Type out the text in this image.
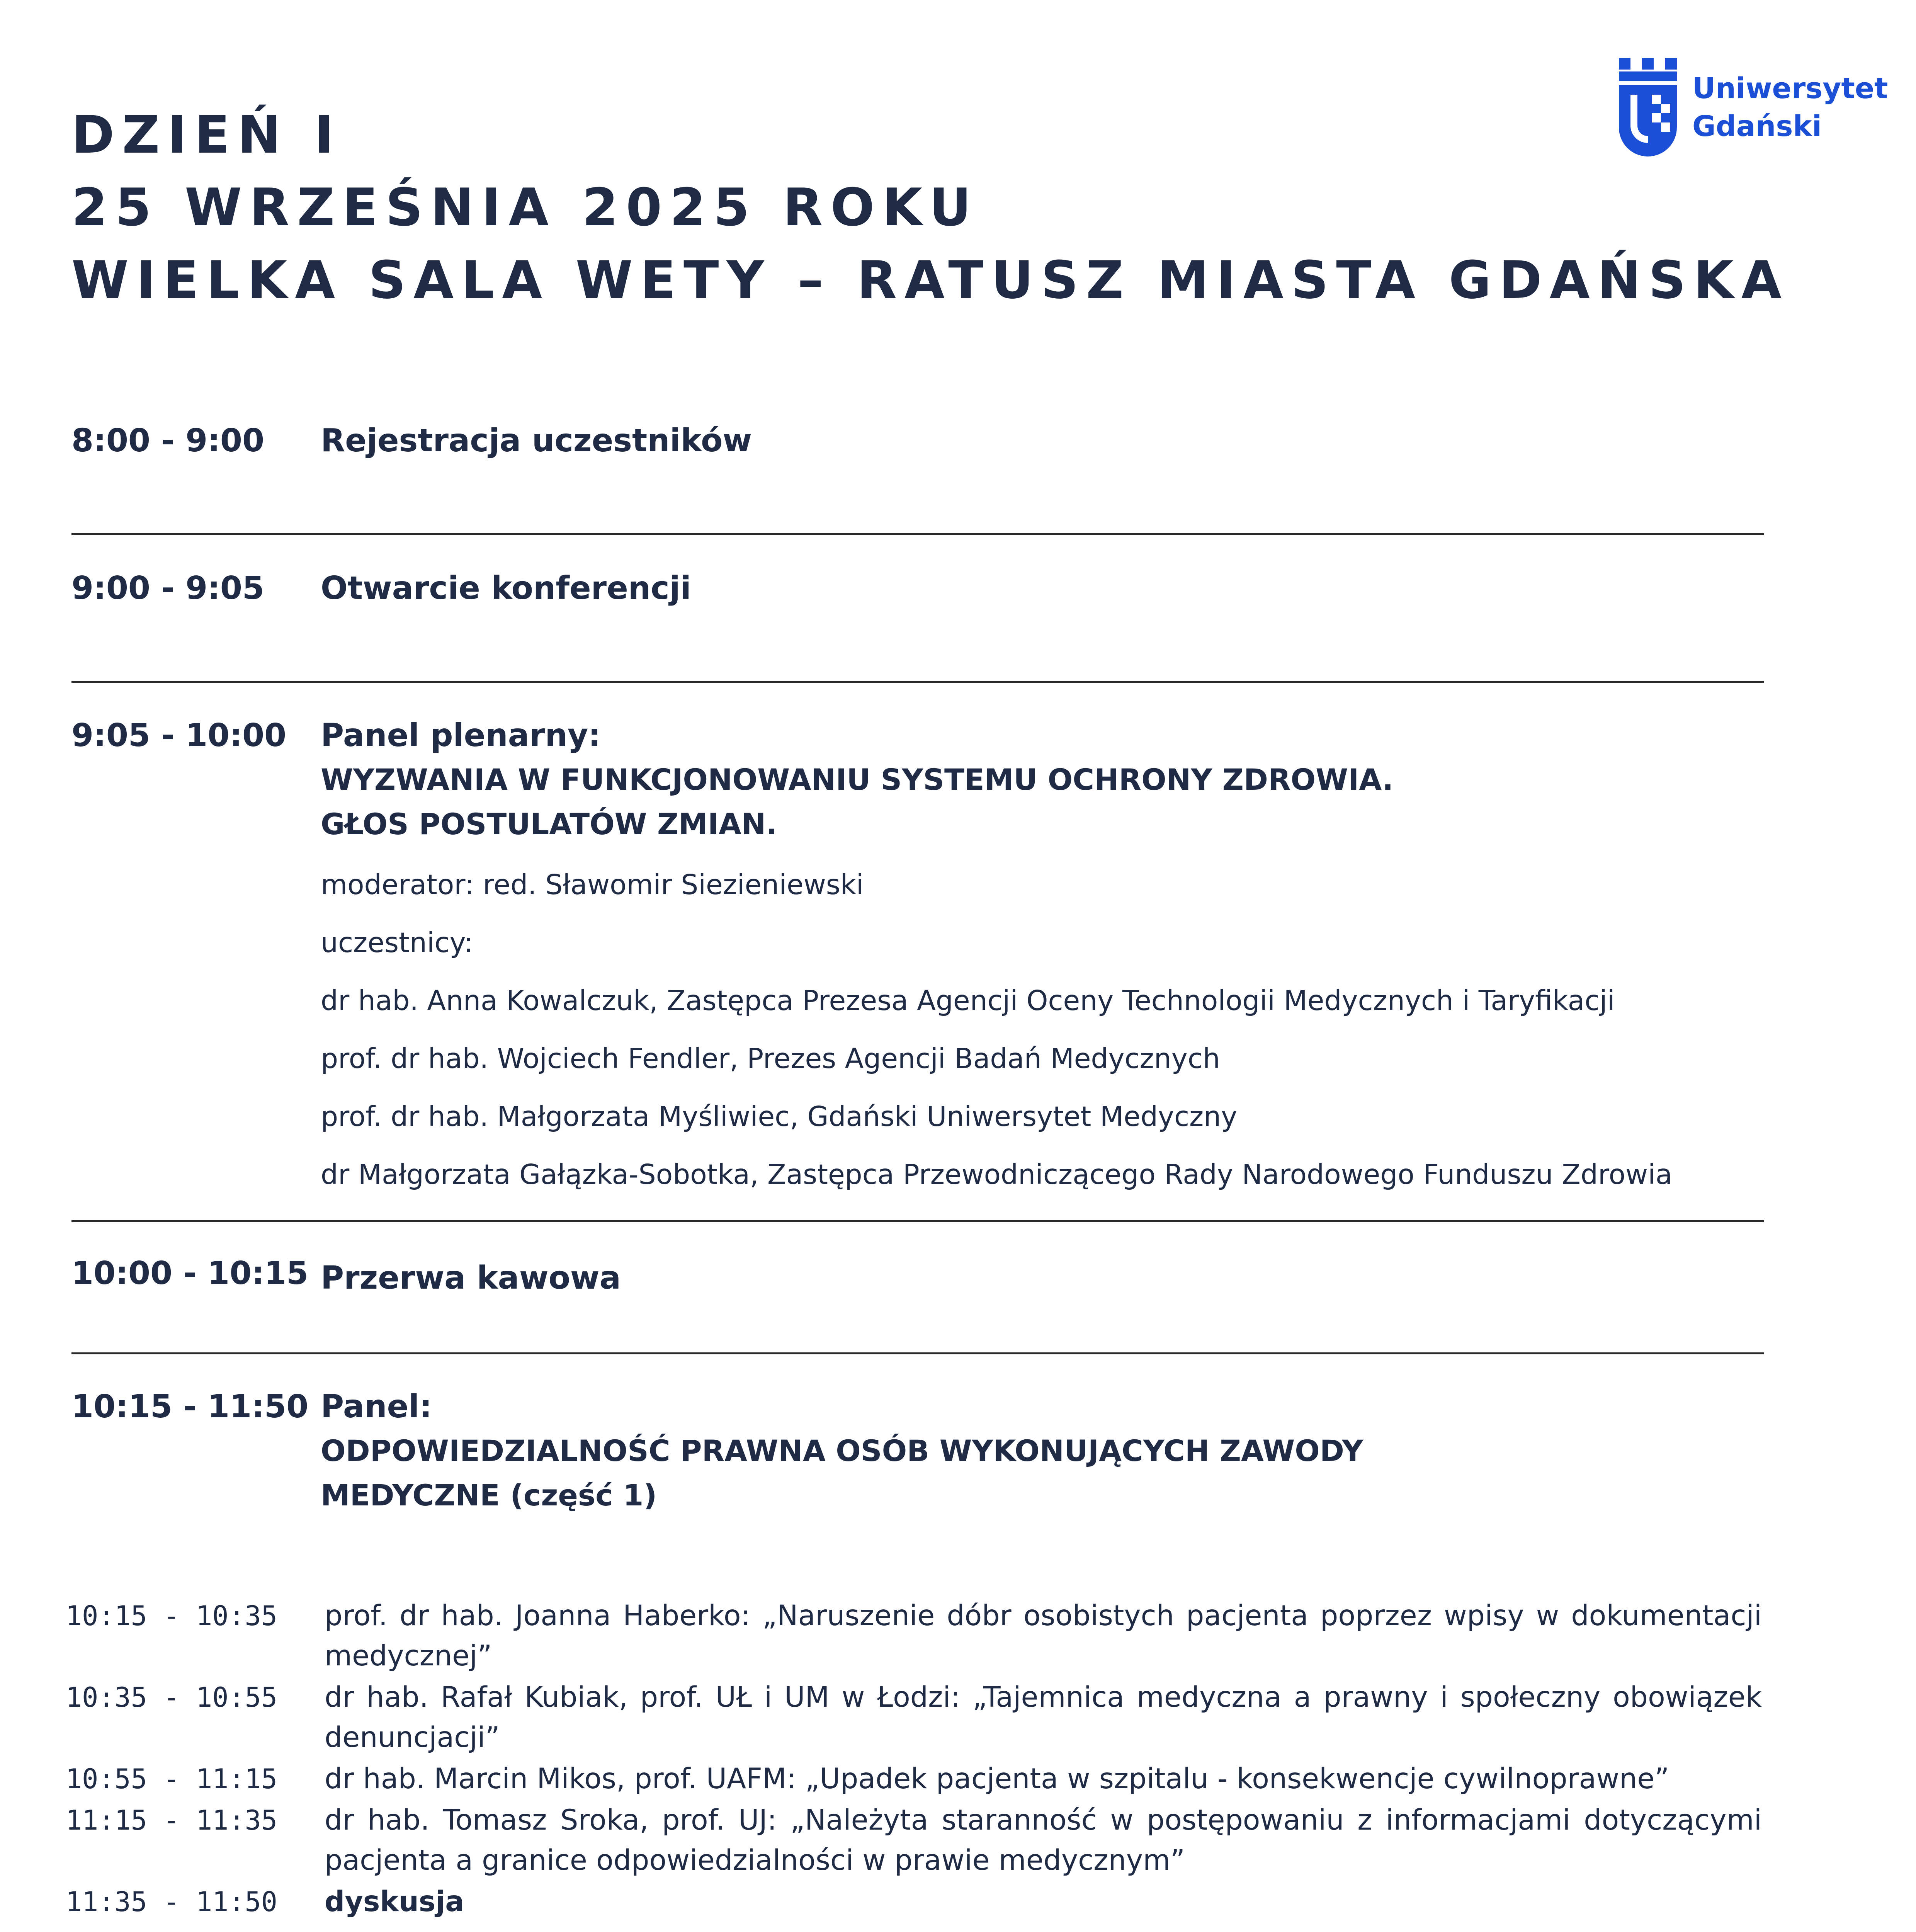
DZIEŃ I
25 WRZEŚNIA 2025 ROKU
WIELKA SALA WETY – RATUSZ MIASTA GDAŃSKA
Uniwersytet
Gdański
8:00 - 9:00 Rejestracja uczestników
9:00 - 9:05 Otwarcie konferencji
9:05 - 10:00 Panel plenarny:
WYZWANIA W FUNKCJONOWANIU SYSTEMU OCHRONY ZDROWIA.
GŁOS POSTULATÓW ZMIAN.
moderator: red. Sławomir Siezieniewski
uczestnicy:
dr hab. Anna Kowalczuk, Zastępca Prezesa Agencji Oceny Technologii Medycznych i Taryfikacji
prof. dr hab. Wojciech Fendler, Prezes Agencji Badań Medycznych
prof. dr hab. Małgorzata Myśliwiec, Gdański Uniwersytet Medyczny
dr Małgorzata Gałązka-Sobotka, Zastępca Przewodniczącego Rady Narodowego Funduszu Zdrowia
10:00 - 10:15 Przerwa kawowa
10:15 - 11:50 Panel:
ODPOWIEDZIALNOŚĆ PRAWNA OSÓB WYKONUJĄCYCH ZAWODY
MEDYCZNE (część 1)
10:15 - 10:35	prof. dr hab. Joanna Haberko: „Naruszenie dóbr osobistych pacjenta poprzez wpisy w dokumentacji medycznej”
10:35 - 10:55	dr hab. Rafał Kubiak, prof. UŁ i UM w Łodzi: „Tajemnica medyczna a prawny i społeczny obowiązek denuncjacji”
10:55 - 11:15	dr hab. Marcin Mikos, prof. UAFM: „Upadek pacjenta w szpitalu - konsekwencje cywilnoprawne”
11:15 - 11:35	dr hab. Tomasz Sroka, prof. UJ: „Należyta staranność w postępowaniu z informacjami dotyczącymi pacjenta a granice odpowiedzialności w prawie medycznym”
11:35 - 11:50	dyskusja
